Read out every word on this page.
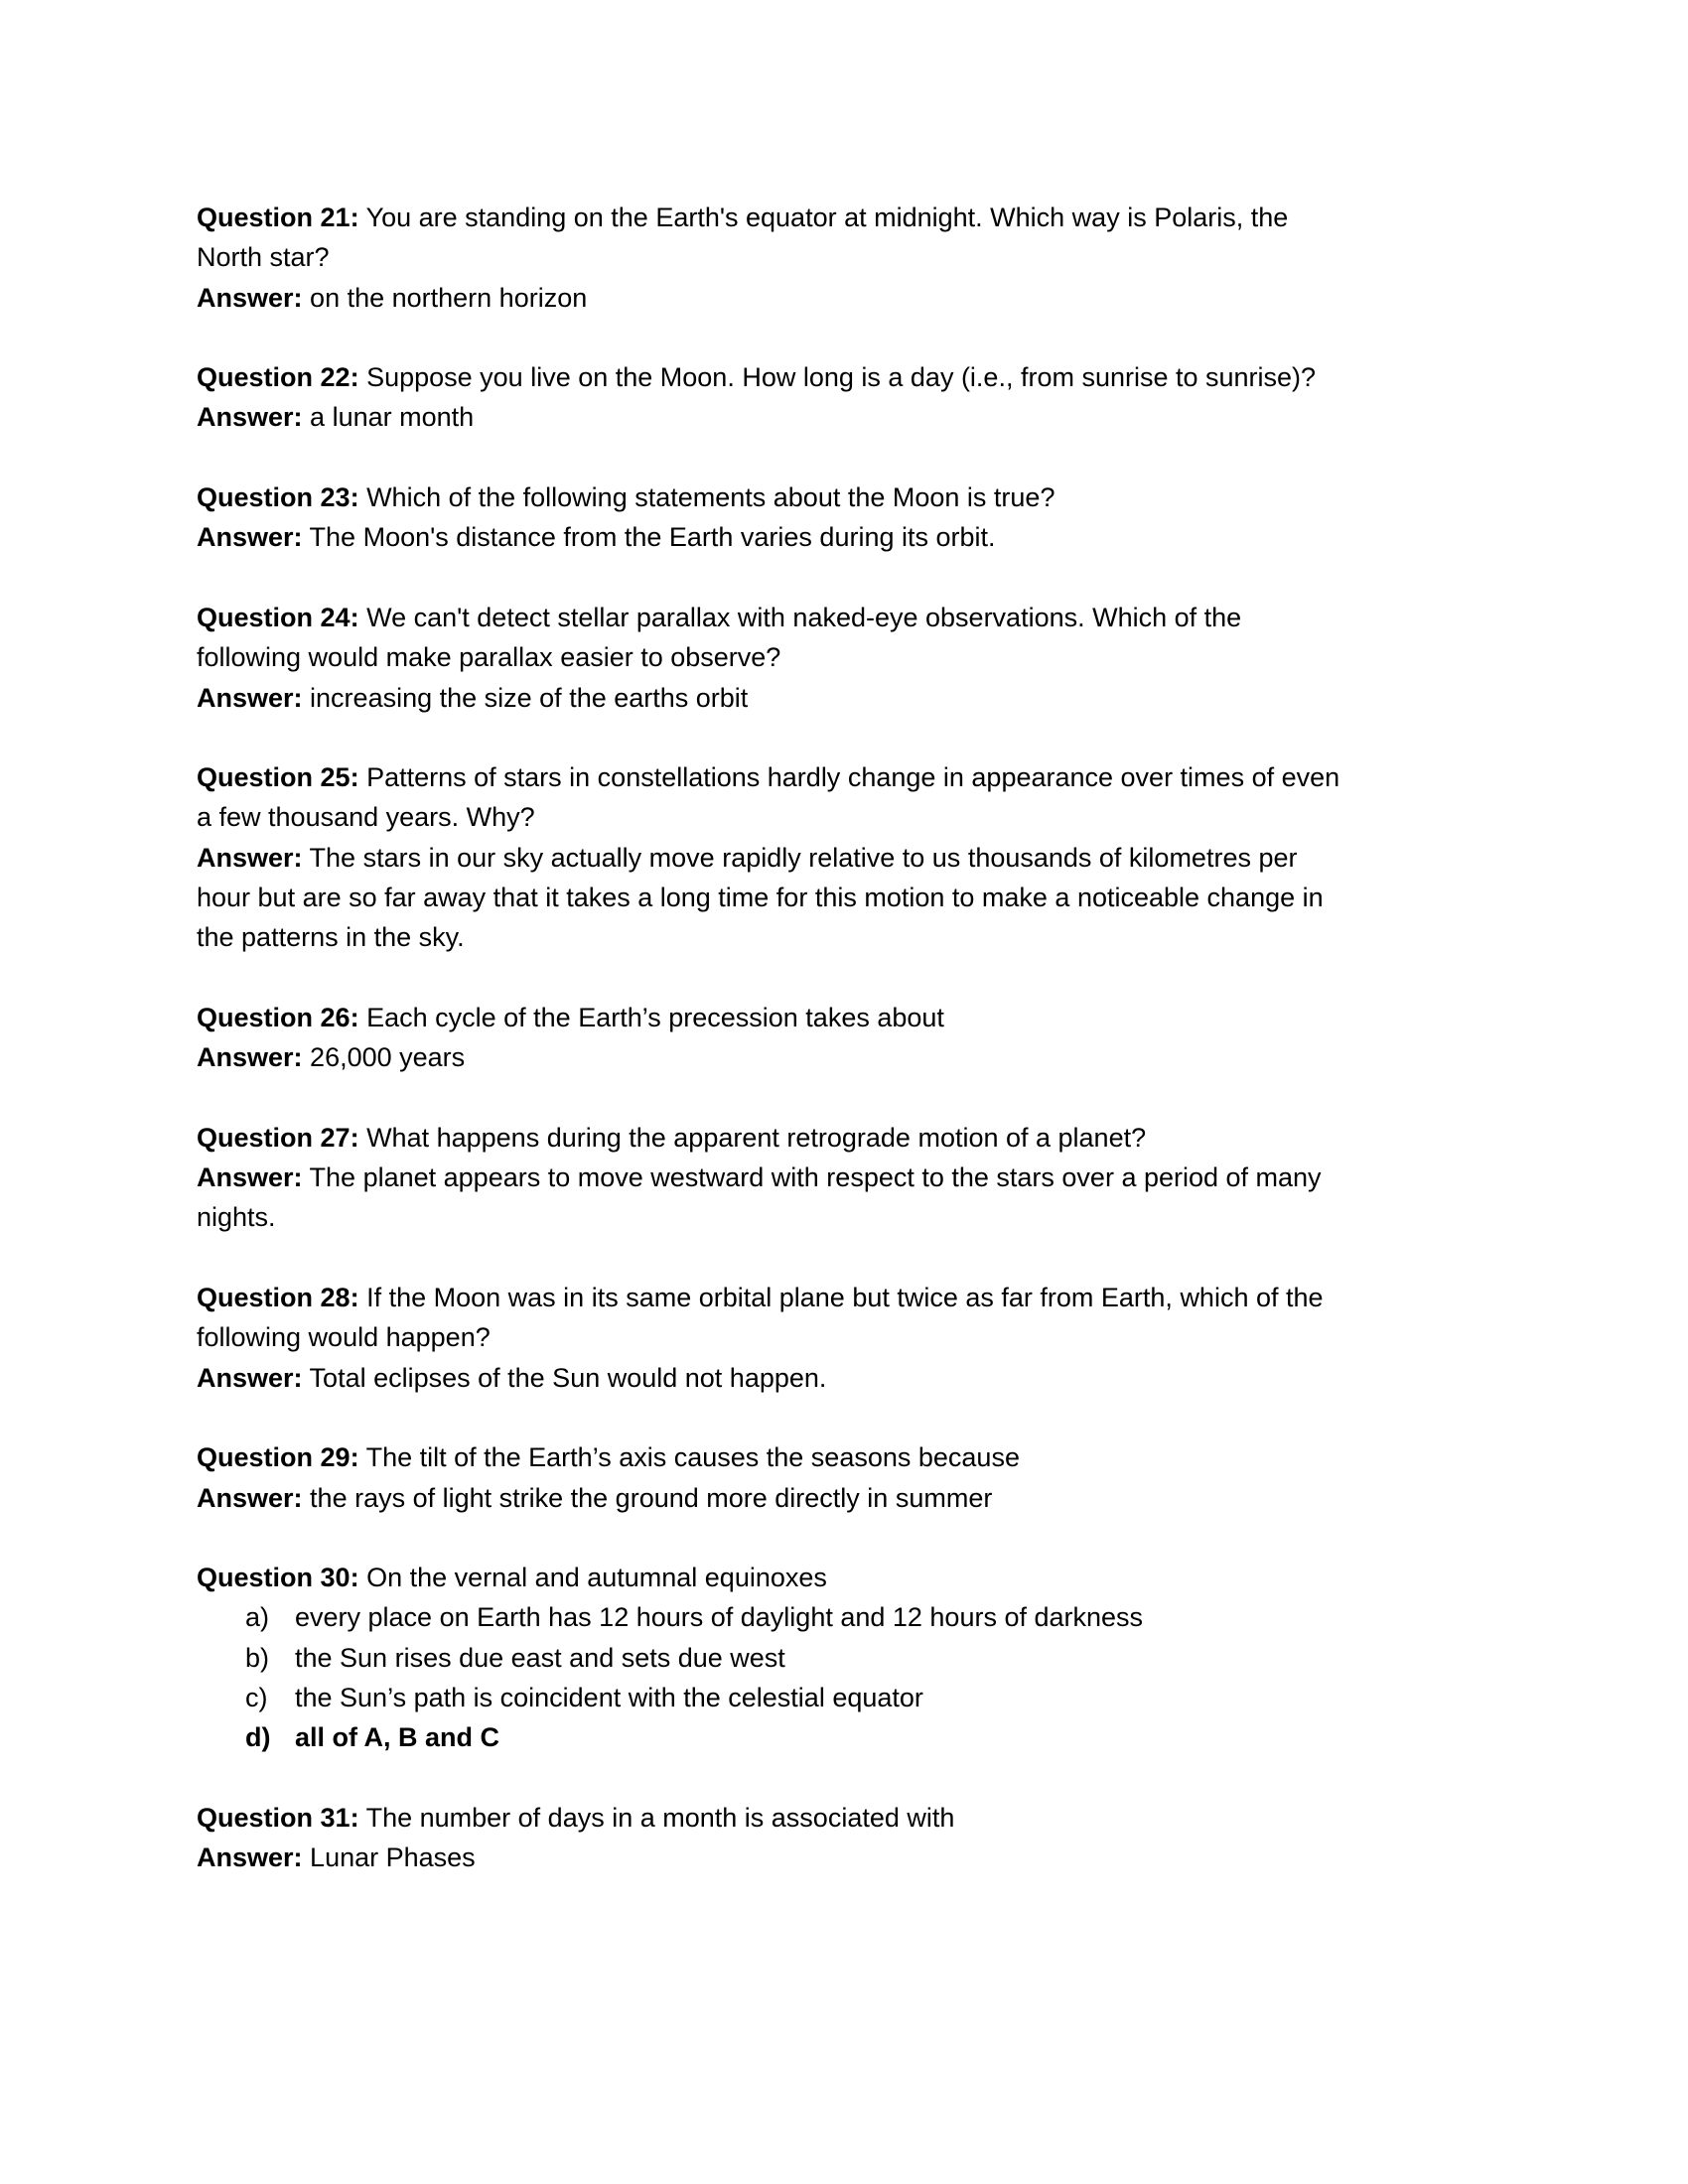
Question 21: You are standing on the Earth's equator at midnight. Which way is Polaris, the
North star?
Answer: on the northern horizon
Question 22: Suppose you live on the Moon. How long is a day (i.e., from sunrise to sunrise)?
Answer: a lunar month
Question 23: Which of the following statements about the Moon is true?
Answer: The Moon's distance from the Earth varies during its orbit.
Question 24: We can't detect stellar parallax with naked-eye observations. Which of the
following would make parallax easier to observe?
Answer: increasing the size of the earths orbit
Question 25: Patterns of stars in constellations hardly change in appearance over times of even
a few thousand years. Why?
Answer: The stars in our sky actually move rapidly relative to us thousands of kilometres per
hour but are so far away that it takes a long time for this motion to make a noticeable change in
the patterns in the sky.
Question 26: Each cycle of the Earth’s precession takes about
Answer: 26,000 years
Question 27: What happens during the apparent retrograde motion of a planet?
Answer: The planet appears to move westward with respect to the stars over a period of many
nights.
Question 28: If the Moon was in its same orbital plane but twice as far from Earth, which of the
following would happen?
Answer: Total eclipses of the Sun would not happen.
Question 29: The tilt of the Earth’s axis causes the seasons because
Answer: the rays of light strike the ground more directly in summer
Question 30: On the vernal and autumnal equinoxes
a) every place on Earth has 12 hours of daylight and 12 hours of darkness
b) the Sun rises due east and sets due west
c) the Sun’s path is coincident with the celestial equator
d) all of A, B and C
Question 31: The number of days in a month is associated with
Answer: Lunar Phases
